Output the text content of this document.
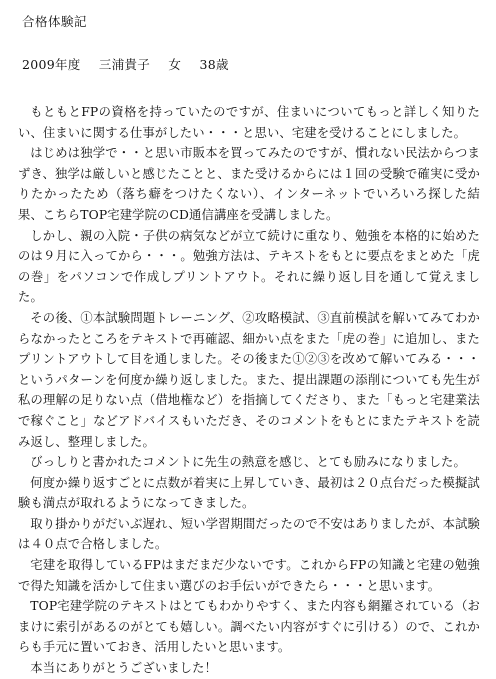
合格体験記
2009年度 三浦貴子 女 38歳

もともとFPの資格を持っていたのですが、住まいについてもっと詳しく知りたい、住まいに関する仕事がしたい・・・と思い、宅建を受けることにしました。

はじめは独学で・・と思い市販本を買ってみたのですが、慣れない民法からつまずき、独学は厳しいと感じたことと、また受けるからには１回の受験で確実に受かりたかったため（落ち癖をつけたくない）、インターネットでいろいろ探した結果、こちらTOP宅建学院のCD通信講座を受講しました。

しかし、親の入院・子供の病気などが立て続けに重なり、勉強を本格的に始めたのは９月に入ってから・・・。勉強方法は、テキストをもとに要点をまとめた「虎の巻」をパソコンで作成しプリントアウト。それに繰り返し目を通して覚えました。

その後、①本試験問題トレーニング、②攻略模試、③直前模試を解いてみてわからなかったところをテキストで再確認、細かい点をまた「虎の巻」に追加し、またプリントアウトして目を通しました。その後また①②③を改めて解いてみる・・・というパターンを何度か繰り返しました。また、提出課題の添削についても先生が私の理解の足りない点（借地権など）を指摘してくださり、また「もっと宅建業法で稼ぐこと」などアドバイスもいただき、そのコメントをもとにまたテキストを読み返し、整理しました。

びっしりと書かれたコメントに先生の熱意を感じ、とても励みになりました。

何度か繰り返すごとに点数が着実に上昇していき、最初は２０点台だった模擬試験も満点が取れるようになってきました。

取り掛かりがだいぶ遅れ、短い学習期間だったので不安はありましたが、本試験は４０点で合格しました。

宅建を取得しているFPはまだまだ少ないです。これからFPの知識と宅建の勉強で得た知識を活かして住まい選びのお手伝いができたら・・・と思います。

TOP宅建学院のテキストはとてもわかりやすく、また内容も網羅されている（おまけに索引があるのがとても嬉しい。調べたい内容がすぐに引ける）ので、これからも手元に置いておき、活用したいと思います。

本当にありがとうございました！
